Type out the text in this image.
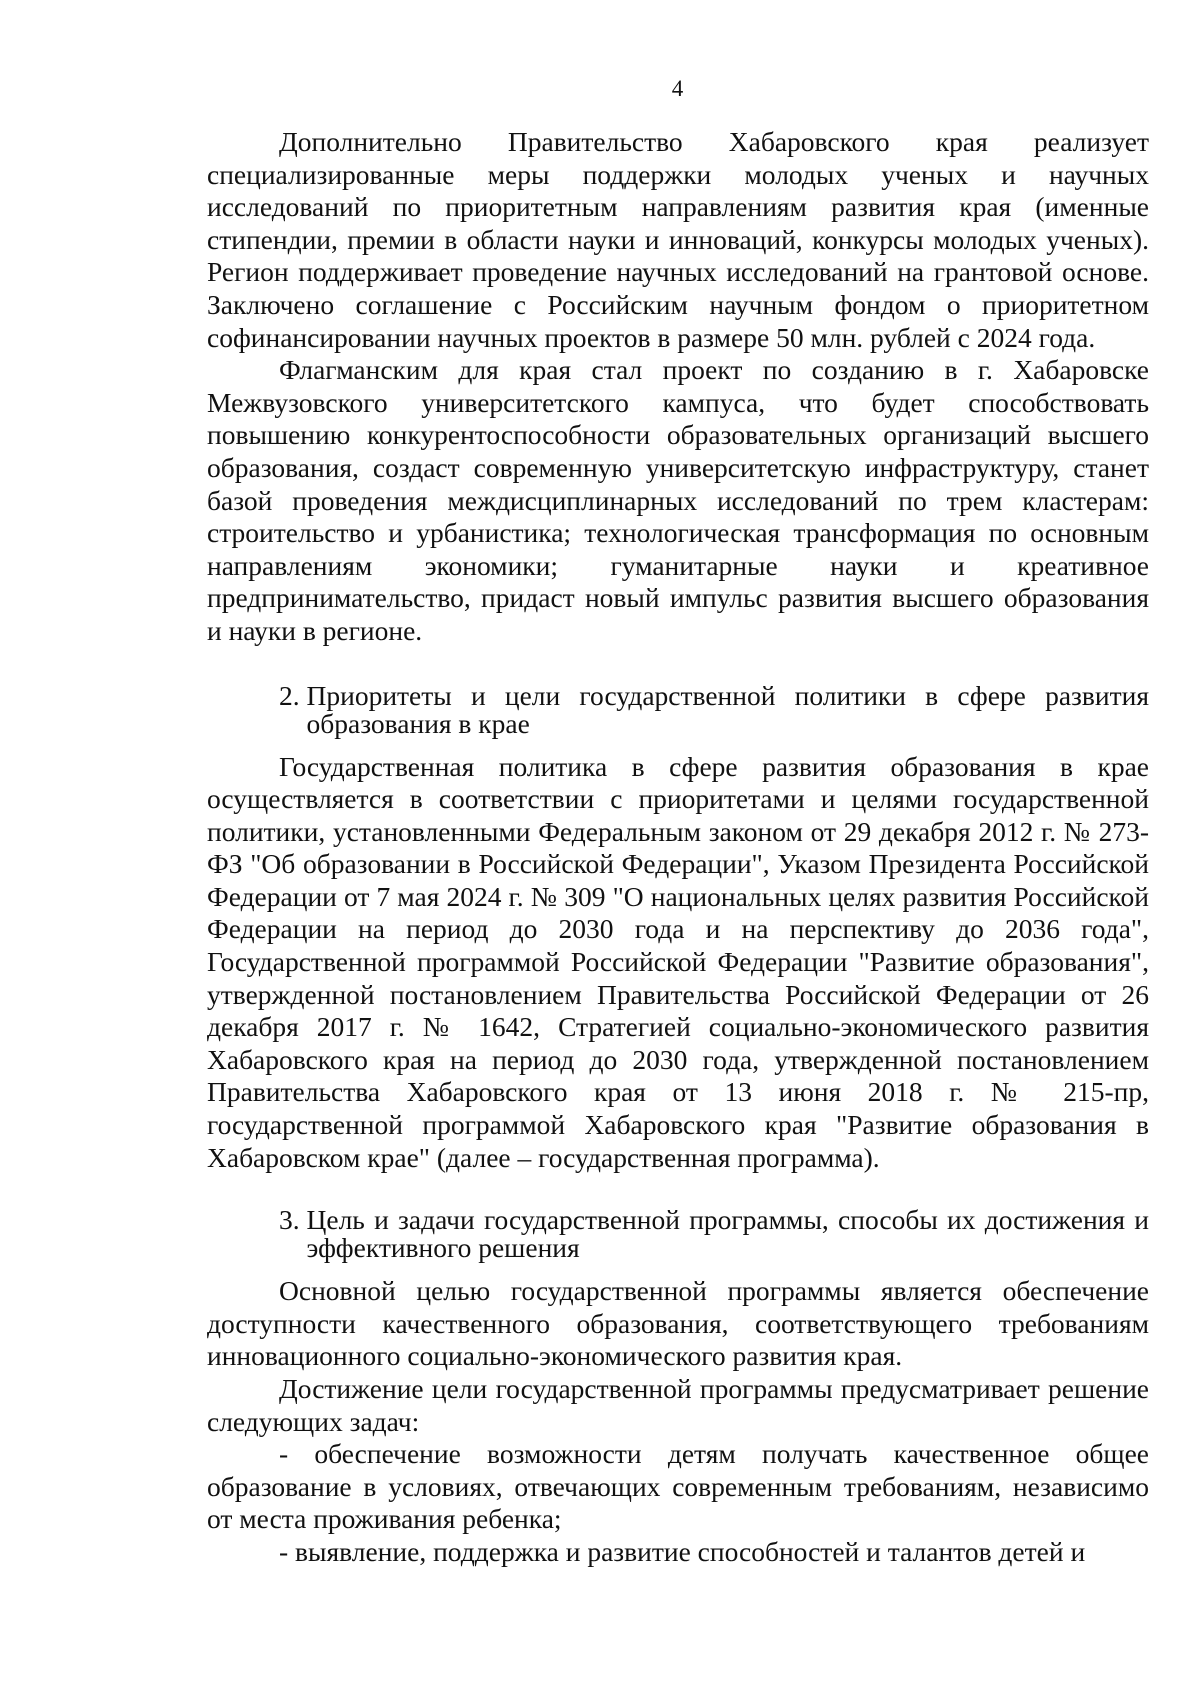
4

Дополнительно Правительство Хабаровского края реализует специализированные меры поддержки молодых ученых и научных исследований по приоритетным направлениям развития края (именные стипендии, премии в области науки и инноваций, конкурсы молодых ученых). Регион поддерживает проведение научных исследований на грантовой основе. Заключено соглашение с Российским научным фондом о приоритетном софинансировании научных проектов в размере 50 млн. рублей с 2024 года.

Флагманским для края стал проект по созданию в г. Хабаровске Межвузовского университетского кампуса, что будет способствовать повышению конкурентоспособности образовательных организаций высшего образования, создаст современную университетскую инфраструктуру, станет базой проведения междисциплинарных исследований по трем кластерам: строительство и урбанистика; технологическая трансформация по основным направлениям экономики; гуманитарные науки и креативное предпринимательство, придаст новый импульс развития высшего образования и науки в регионе.

2. Приоритеты и цели государственной политики в сфере развития образования в крае

Государственная политика в сфере развития образования в крае осуществляется в соответствии с приоритетами и целями государственной политики, установленными Федеральным законом от 29 декабря 2012 г. № 273-ФЗ "Об образовании в Российской Федерации", Указом Президента Российской Федерации от 7 мая 2024 г. № 309 "О национальных целях развития Российской Федерации на период до 2030 года и на перспективу до 2036 года", Государственной программой Российской Федерации "Развитие образования", утвержденной постановлением Правительства Российской Федерации от 26 декабря 2017 г. № 1642, Стратегией социально-экономического развития Хабаровского края на период до 2030 года, утвержденной постановлением Правительства Хабаровского края от 13 июня 2018 г. № 215-пр, государственной программой Хабаровского края "Развитие образования в Хабаровском крае" (далее – государственная программа).

3. Цель и задачи государственной программы, способы их достижения и эффективного решения

Основной целью государственной программы является обеспечение доступности качественного образования, соответствующего требованиям инновационного социально-экономического развития края.

Достижение цели государственной программы предусматривает решение следующих задач:

- обеспечение возможности детям получать качественное общее образование в условиях, отвечающих современным требованиям, независимо от места проживания ребенка;

- выявление, поддержка и развитие способностей и талантов детей и
